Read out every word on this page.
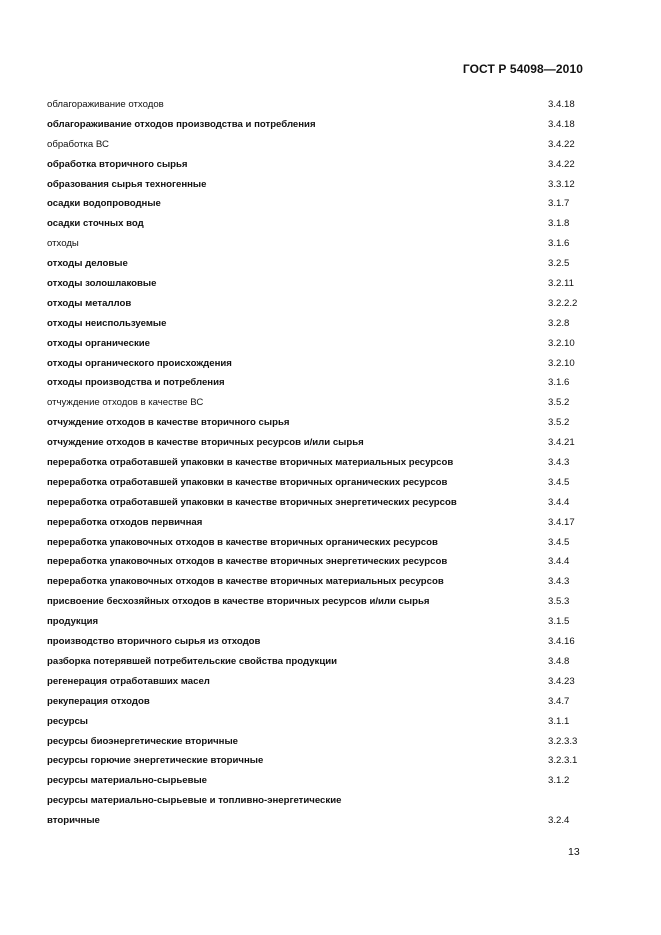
ГОСТ Р 54098—2010
облагораживание отходов	3.4.18
облагораживание отходов производства и потребления	3.4.18
обработка ВС	3.4.22
обработка вторичного сырья	3.4.22
образования сырья техногенные	3.3.12
осадки водопроводные	3.1.7
осадки сточных вод	3.1.8
отходы	3.1.6
отходы деловые	3.2.5
отходы золошлаковые	3.2.11
отходы металлов	3.2.2.2
отходы неиспользуемые	3.2.8
отходы органические	3.2.10
отходы органического происхождения	3.2.10
отходы производства и потребления	3.1.6
отчуждение отходов в качестве ВС	3.5.2
отчуждение отходов в качестве вторичного сырья	3.5.2
отчуждение отходов в качестве вторичных ресурсов и/или сырья	3.4.21
переработка отработавшей упаковки в качестве вторичных материальных ресурсов	3.4.3
переработка отработавшей упаковки в качестве вторичных органических ресурсов	3.4.5
переработка отработавшей упаковки в качестве вторичных энергетических ресурсов	3.4.4
переработка отходов первичная	3.4.17
переработка упаковочных отходов в качестве вторичных органических ресурсов	3.4.5
переработка упаковочных отходов в качестве вторичных энергетических ресурсов	3.4.4
переработка упаковочных отходов в качестве вторичных материальных ресурсов	3.4.3
присвоение бесхозяйных отходов в качестве вторичных ресурсов и/или сырья	3.5.3
продукция	3.1.5
производство вторичного сырья из отходов	3.4.16
разборка потерявшей потребительские свойства продукции	3.4.8
регенерация отработавших масел	3.4.23
рекуперация отходов	3.4.7
ресурсы	3.1.1
ресурсы биоэнергетические вторичные	3.2.3.3
ресурсы горючие энергетические вторичные	3.2.3.1
ресурсы материально-сырьевые	3.1.2
ресурсы материально-сырьевые и топливно-энергетические
вторичные	3.2.4
13
